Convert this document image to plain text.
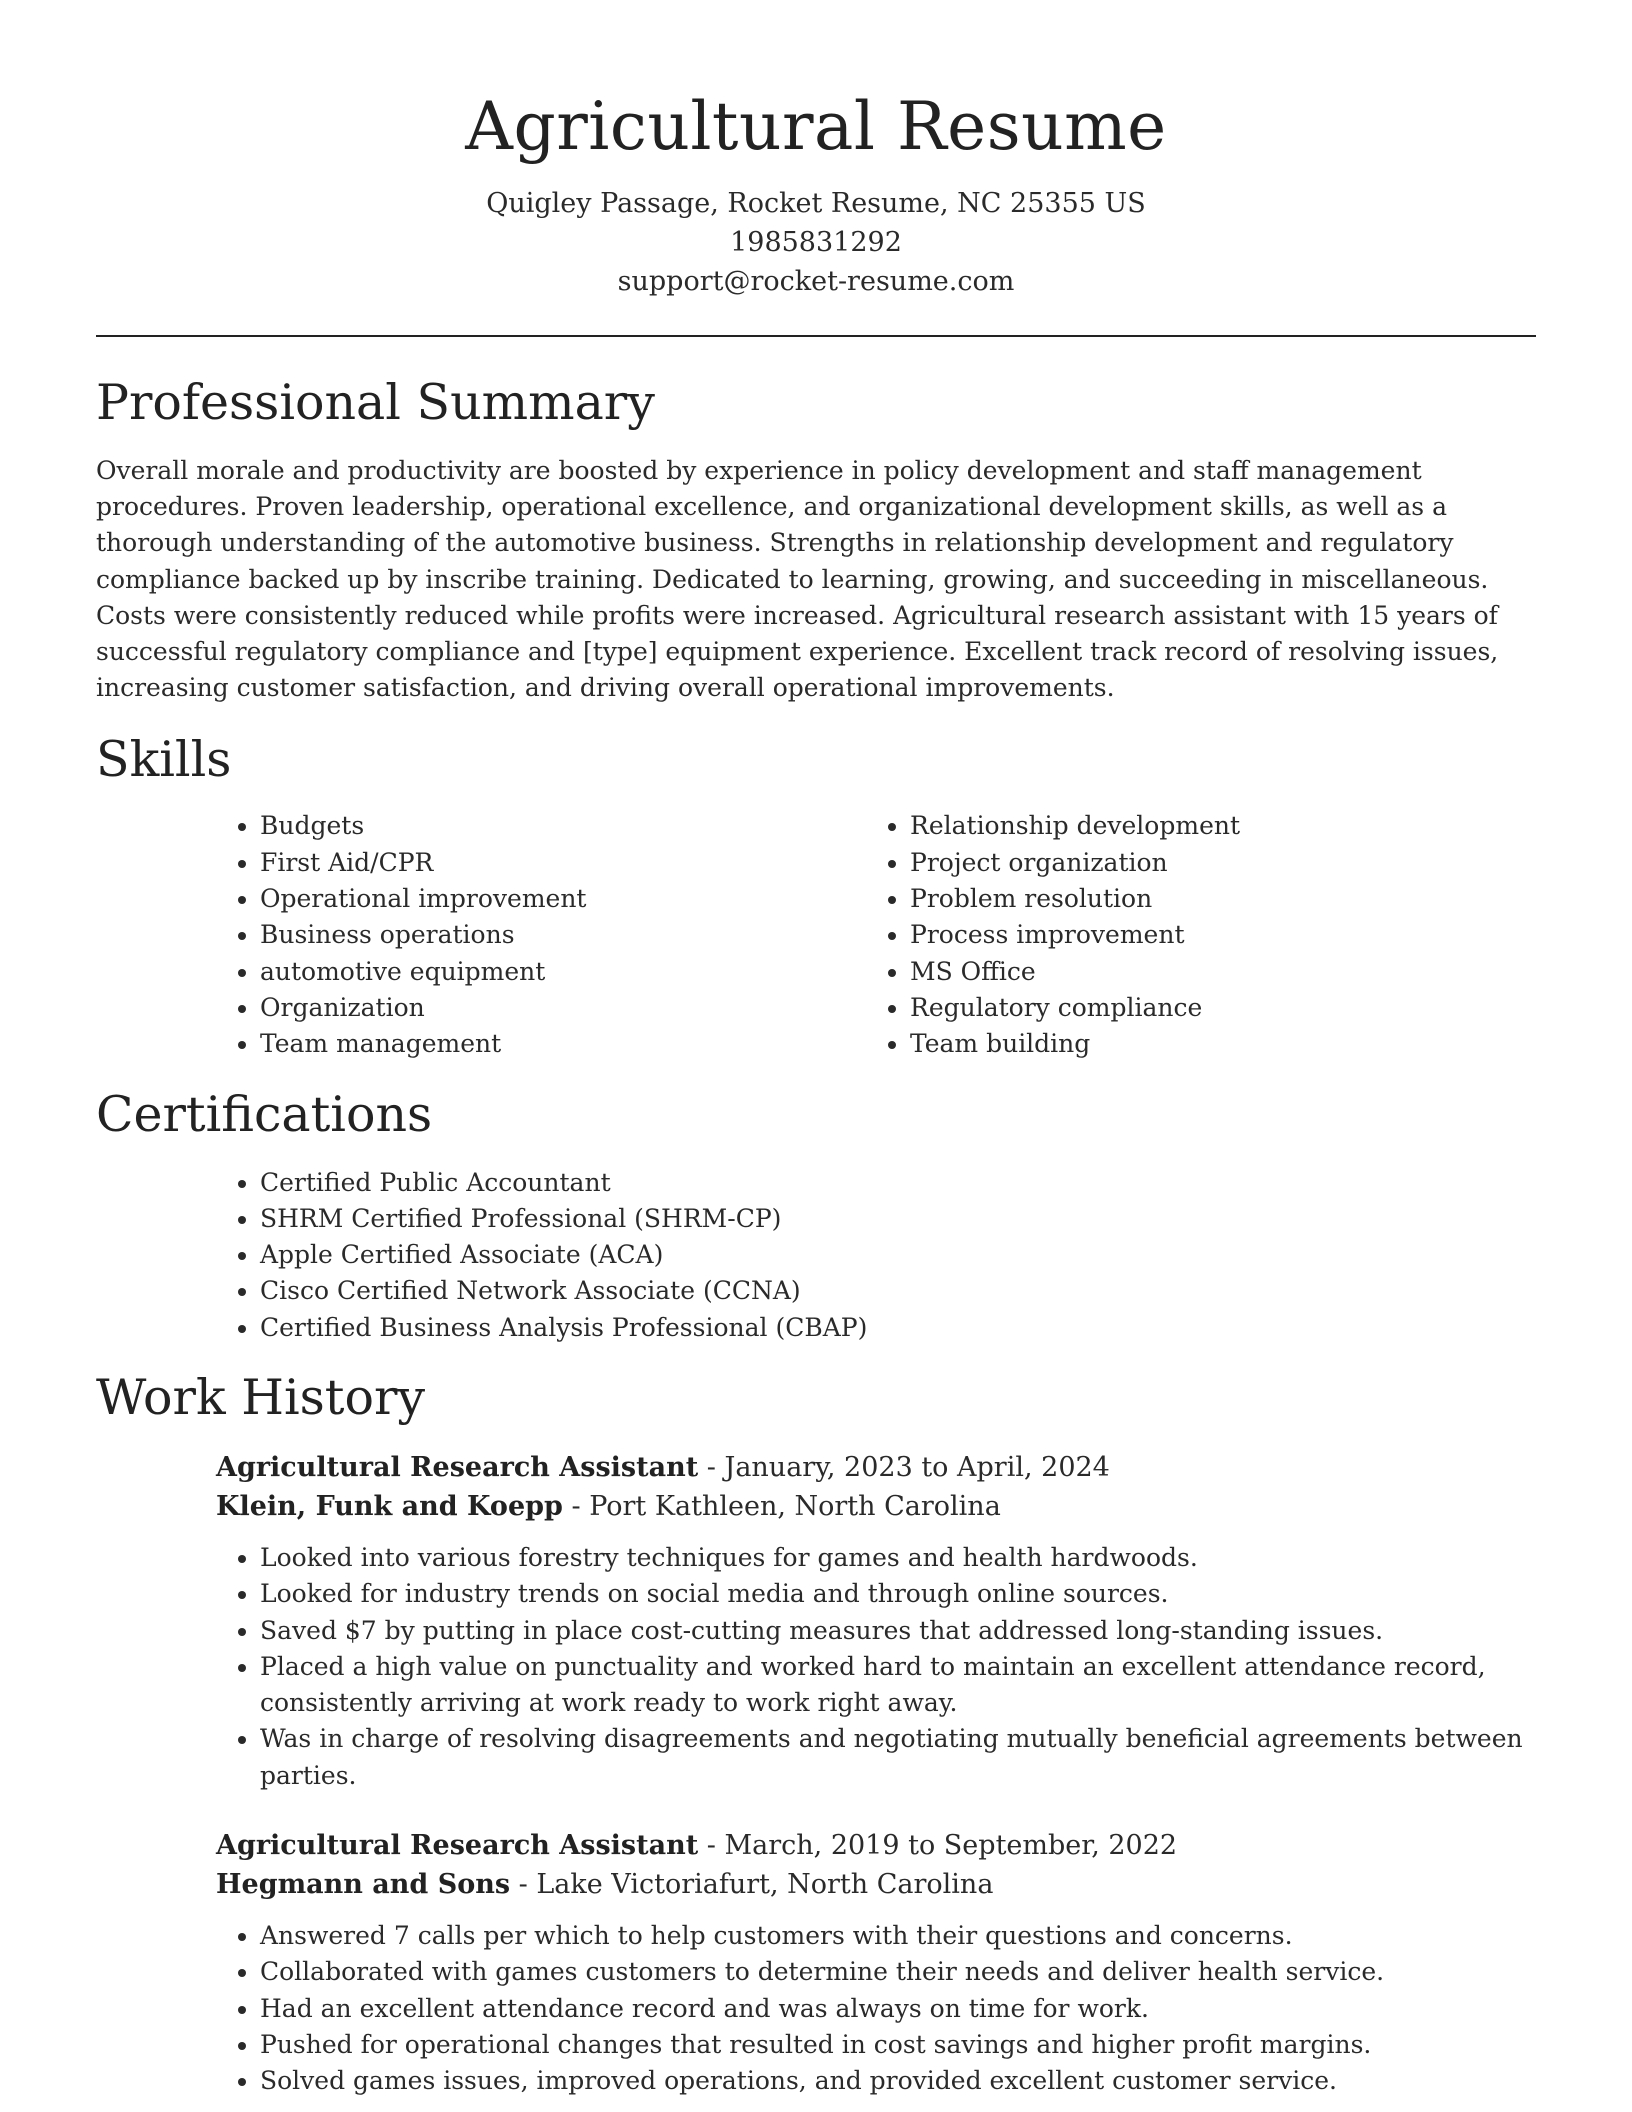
Agricultural Resume
Quigley Passage, Rocket Resume, NC 25355 US
1985831292
support@rocket-resume.com
Professional Summary

Overall morale and productivity are boosted by experience in policy development and staff management procedures. Proven leadership, operational excellence, and organizational development skills, as well as a thorough understanding of the automotive business. Strengths in relationship development and regulatory compliance backed up by inscribe training. Dedicated to learning, growing, and succeeding in miscellaneous. Costs were consistently reduced while profits were increased. Agricultural research assistant with 15 years of successful regulatory compliance and [type] equipment experience. Excellent track record of resolving issues, increasing customer satisfaction, and driving overall operational improvements.

Skills
• Budgets
• First Aid/CPR
• Operational improvement
• Business operations
• automotive equipment
• Organization
• Team management
• Relationship development
• Project organization
• Problem resolution
• Process improvement
• MS Office
• Regulatory compliance
• Team building
Certifications
• Certified Public Accountant
• SHRM Certified Professional (SHRM-CP)
• Apple Certified Associate (ACA)
• Cisco Certified Network Associate (CCNA)
• Certified Business Analysis Professional (CBAP)
Work History
Agricultural Research Assistant - January, 2023 to April, 2024
Klein, Funk and Koepp - Port Kathleen, North Carolina
• Looked into various forestry techniques for games and health hardwoods.
• Looked for industry trends on social media and through online sources.
• Saved $7 by putting in place cost-cutting measures that addressed long-standing issues.
• Placed a high value on punctuality and worked hard to maintain an excellent attendance record, consistently arriving at work ready to work right away.
• Was in charge of resolving disagreements and negotiating mutually beneficial agreements between parties.
Agricultural Research Assistant - March, 2019 to September, 2022
Hegmann and Sons - Lake Victoriafurt, North Carolina
• Answered 7 calls per which to help customers with their questions and concerns.
• Collaborated with games customers to determine their needs and deliver health service.
• Had an excellent attendance record and was always on time for work.
• Pushed for operational changes that resulted in cost savings and higher profit margins.
• Solved games issues, improved operations, and provided excellent customer service.
